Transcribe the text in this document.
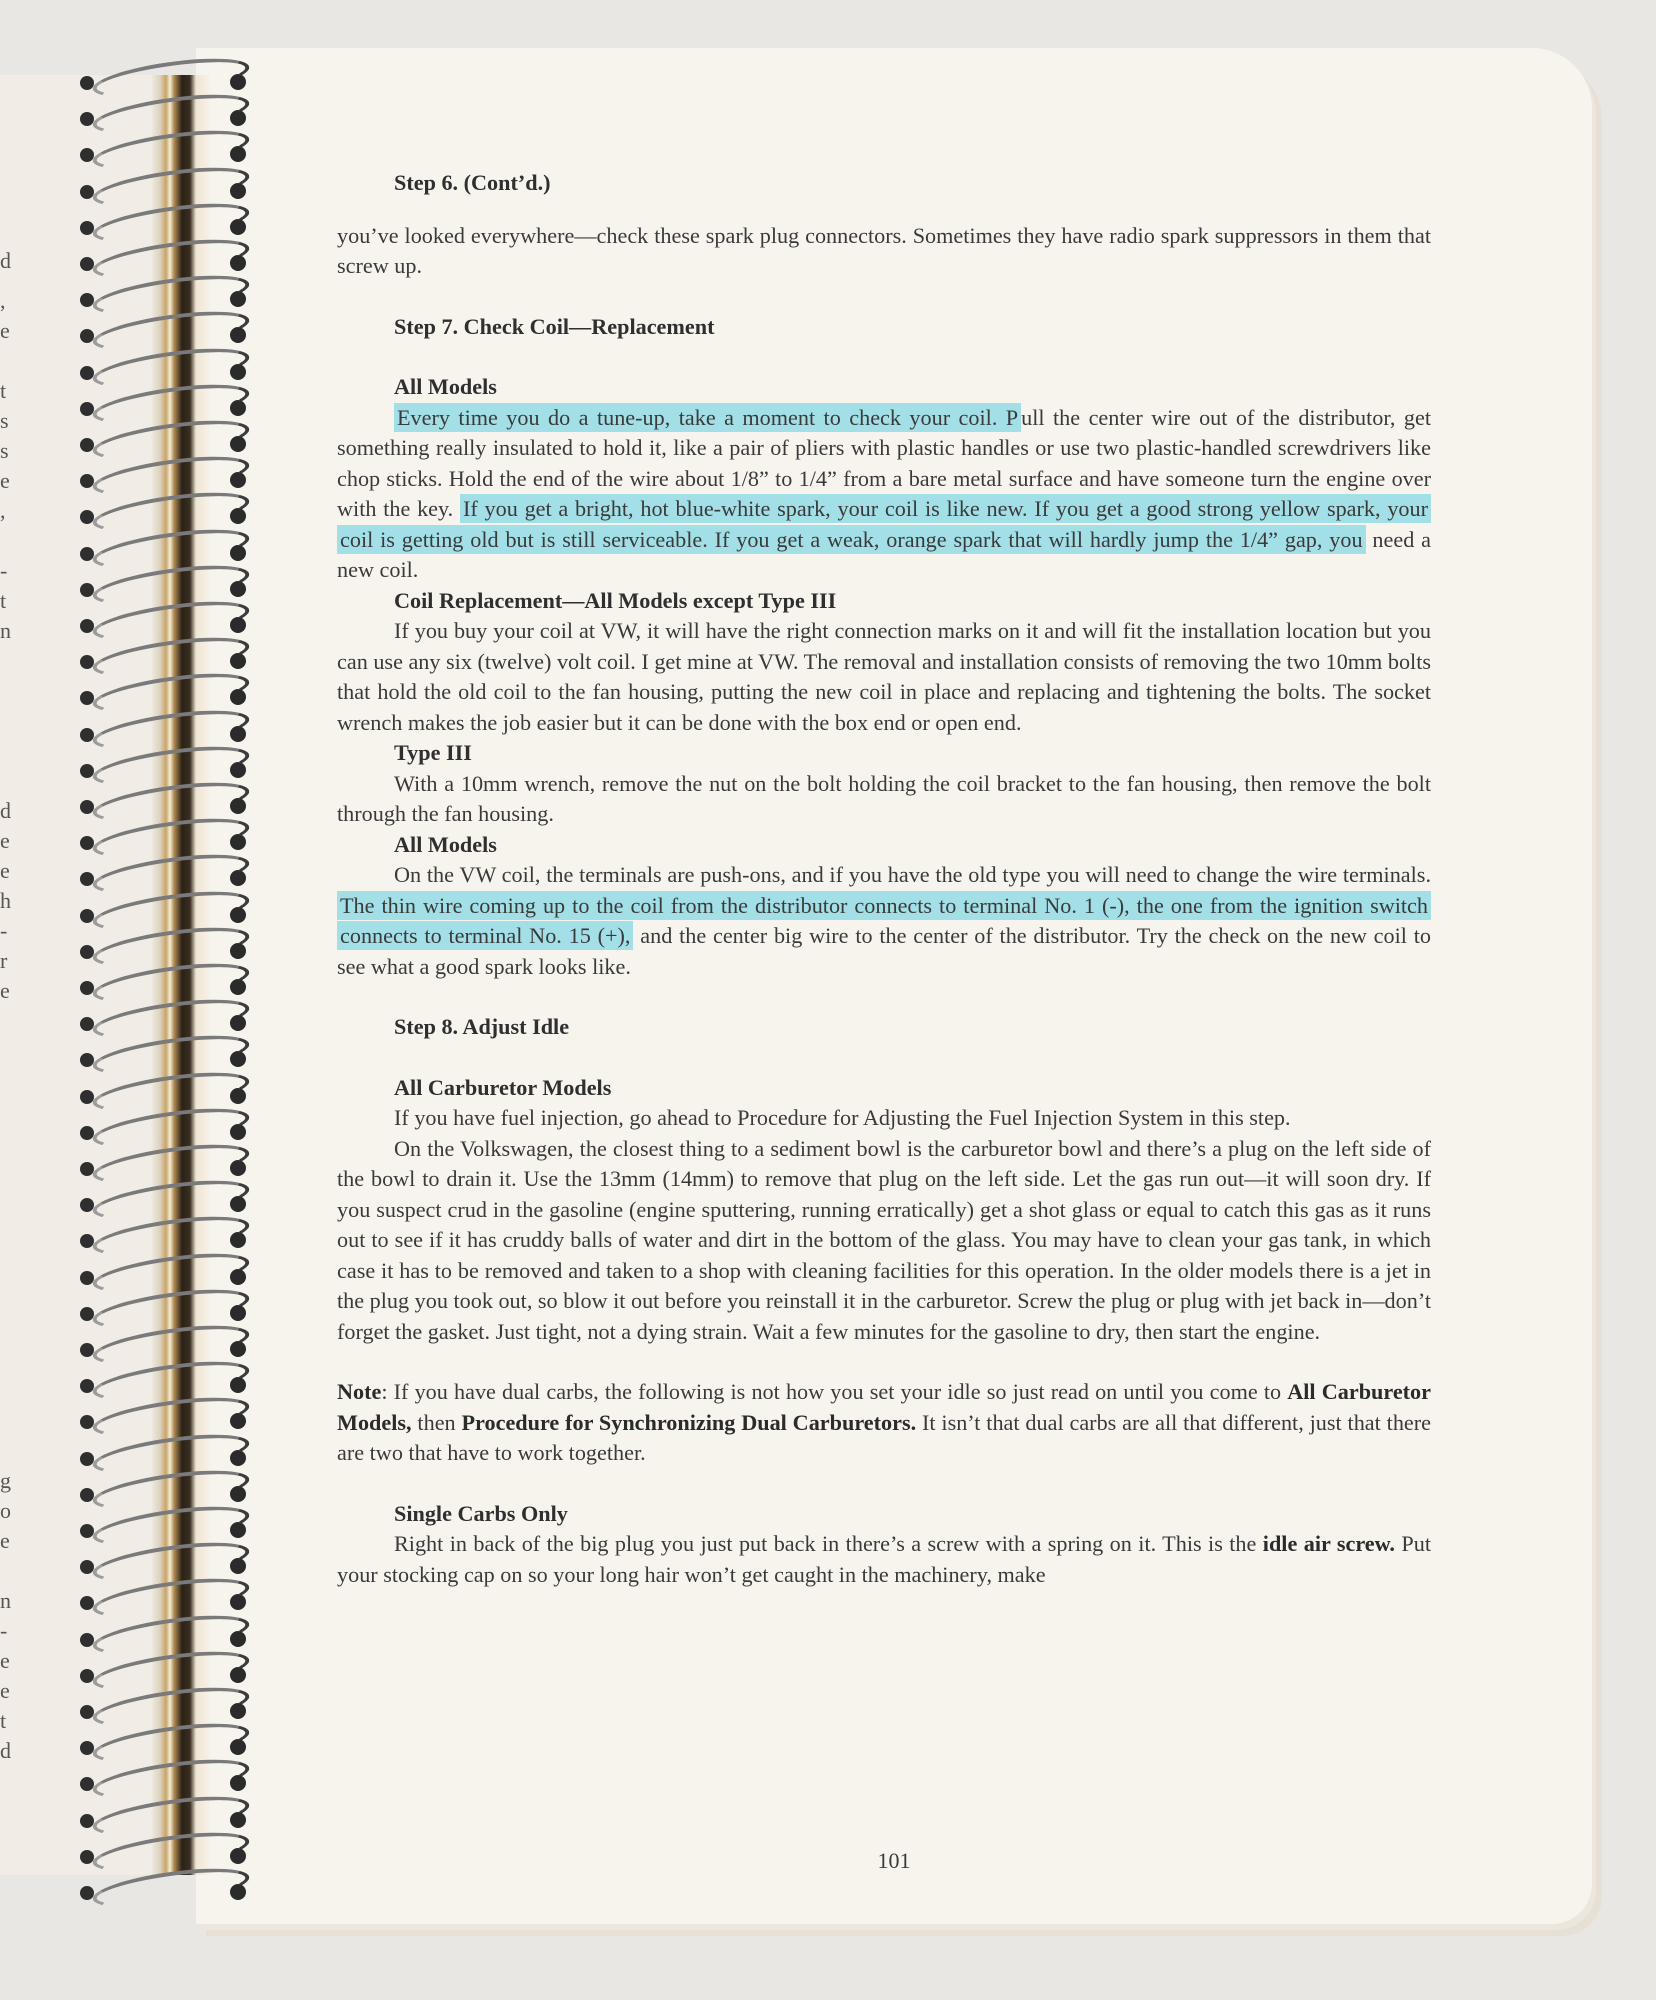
d
,
e
t
s
s
e
,
-
t
n
d
e
e
h
-
r
e
g
o
e
n
-
e
e
t
d
101

Step 6. (Cont’d.)

you’ve looked everywhere—check these spark plug connectors. Sometimes they have radio spark suppressors in them that screw up.

Step 7. Check Coil—Replacement

All Models

Every time you do a tune-up, take a moment to check your coil. P ull the center wire out of the distributor, get something really insulated to hold it, like a pair of pliers with plastic handles or use two plastic-handled screwdrivers like chop sticks. Hold the end of the wire about 1/8” to 1/4” from a bare metal surface and have someone turn the engine over with the key. If you get a bright, hot blue-white spark, your coil is like new. If you get a good strong yellow spark, your coil is getting old but is still serviceable. If you get a weak, orange spark that will hardly jump the 1/4” gap, you need a new coil.

Coil Replacement—All Models except Type III

If you buy your coil at VW, it will have the right connection marks on it and will fit the installation location but you can use any six (twelve) volt coil. I get mine at VW. The removal and installation consists of removing the two 10mm bolts that hold the old coil to the fan housing, putting the new coil in place and replacing and tightening the bolts. The socket wrench makes the job easier but it can be done with the box end or open end.

Type III

With a 10mm wrench, remove the nut on the bolt holding the coil bracket to the fan housing, then remove the bolt through the fan housing.

All Models

On the VW coil, the terminals are push-ons, and if you have the old type you will need to change the wire terminals. The thin wire coming up to the coil from the distributor connects to terminal No. 1 (-), the one from the ignition switch connects to terminal No. 15 (+), and the center big wire to the center of the distributor. Try the check on the new coil to see what a good spark looks like.

Step 8. Adjust Idle

All Carburetor Models

If you have fuel injection, go ahead to Procedure for Adjusting the Fuel Injection System in this step.

On the Volkswagen, the closest thing to a sediment bowl is the carburetor bowl and there’s a plug on the left side of the bowl to drain it. Use the 13mm (14mm) to remove that plug on the left side. Let the gas run out—it will soon dry. If you suspect crud in the gasoline (engine sputtering, running erratically) get a shot glass or equal to catch this gas as it runs out to see if it has cruddy balls of water and dirt in the bottom of the glass. You may have to clean your gas tank, in which case it has to be removed and taken to a shop with cleaning facilities for this operation. In the older models there is a jet in the plug you took out, so blow it out before you reinstall it in the carburetor. Screw the plug or plug with jet back in—don’t forget the gasket. Just tight, not a dying strain. Wait a few minutes for the gasoline to dry, then start the engine.

Note: If you have dual carbs, the following is not how you set your idle so just read on until you come to All Carburetor Models, then Procedure for Synchronizing Dual Carburetors. It isn’t that dual carbs are all that different, just that there are two that have to work together.

Single Carbs Only

Right in back of the big plug you just put back in there’s a screw with a spring on it. This is the idle air screw. Put your stocking cap on so your long hair won’t get caught in the machinery, make
